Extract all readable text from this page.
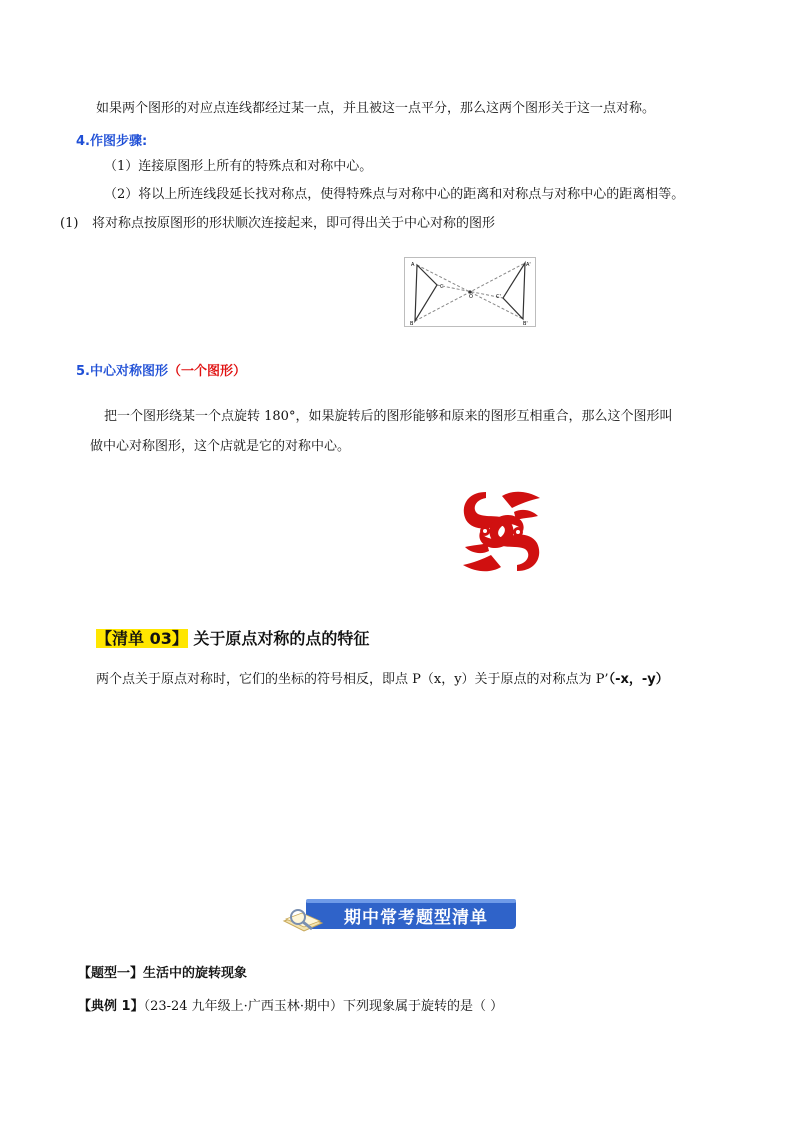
如果两个图形的对应点连线都经过某一点，并且被这一点平分，那么这两个图形关于这一点对称。
4.作图步骤:
（1）连接原图形上所有的特殊点和对称中心。
（2）将以上所连线段延长找对称点，使得特殊点与对称中心的距离和对称点与对称中心的距离相等。
(1) 将对称点按原图形的形状顺次连接起来，即可得出关于中心对称的图形
A
B
C
O
A'
B'
C'
5.中心对称图形（一个图形）
把一个图形绕某一个点旋转 180°，如果旋转后的图形能够和原来的图形互相重合，那么这个图形叫
做中心对称图形，这个店就是它的对称中心。
【清单 03】 关于原点对称的点的特征
两个点关于原点对称时，它们的坐标的符号相反，即点 P（x，y）关于原点的对称点为 P’（-x，-y）
期中常考题型清单
【题型一】生活中的旋转现象
【典例 1】（23-24 九年级上·广西玉林·期中）下列现象属于旋转的是（ ）
